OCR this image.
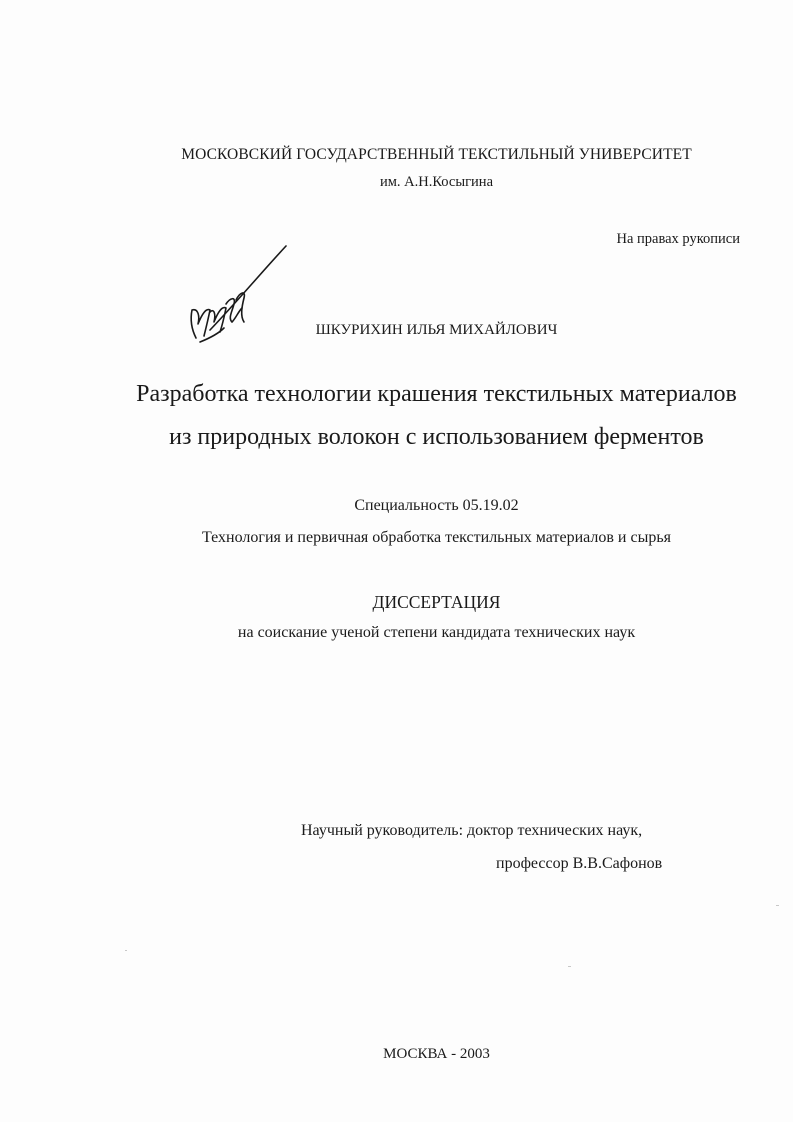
МОСКОВСКИЙ ГОСУДАРСТВЕННЫЙ ТЕКСТИЛЬНЫЙ УНИВЕРСИТЕТ
им. А.Н.Косыгина
На правах рукописи
ШКУРИХИН ИЛЬЯ МИХАЙЛОВИЧ
Разработка технологии крашения текстильных материалов
из природных волокон с использованием ферментов
Специальность 05.19.02
Технология и первичная обработка текстильных материалов и сырья
ДИССЕРТАЦИЯ
на соискание ученой степени кандидата технических наук
Научный руководитель: доктор технических наук,
профессор В.В.Сафонов
МОСКВА - 2003
